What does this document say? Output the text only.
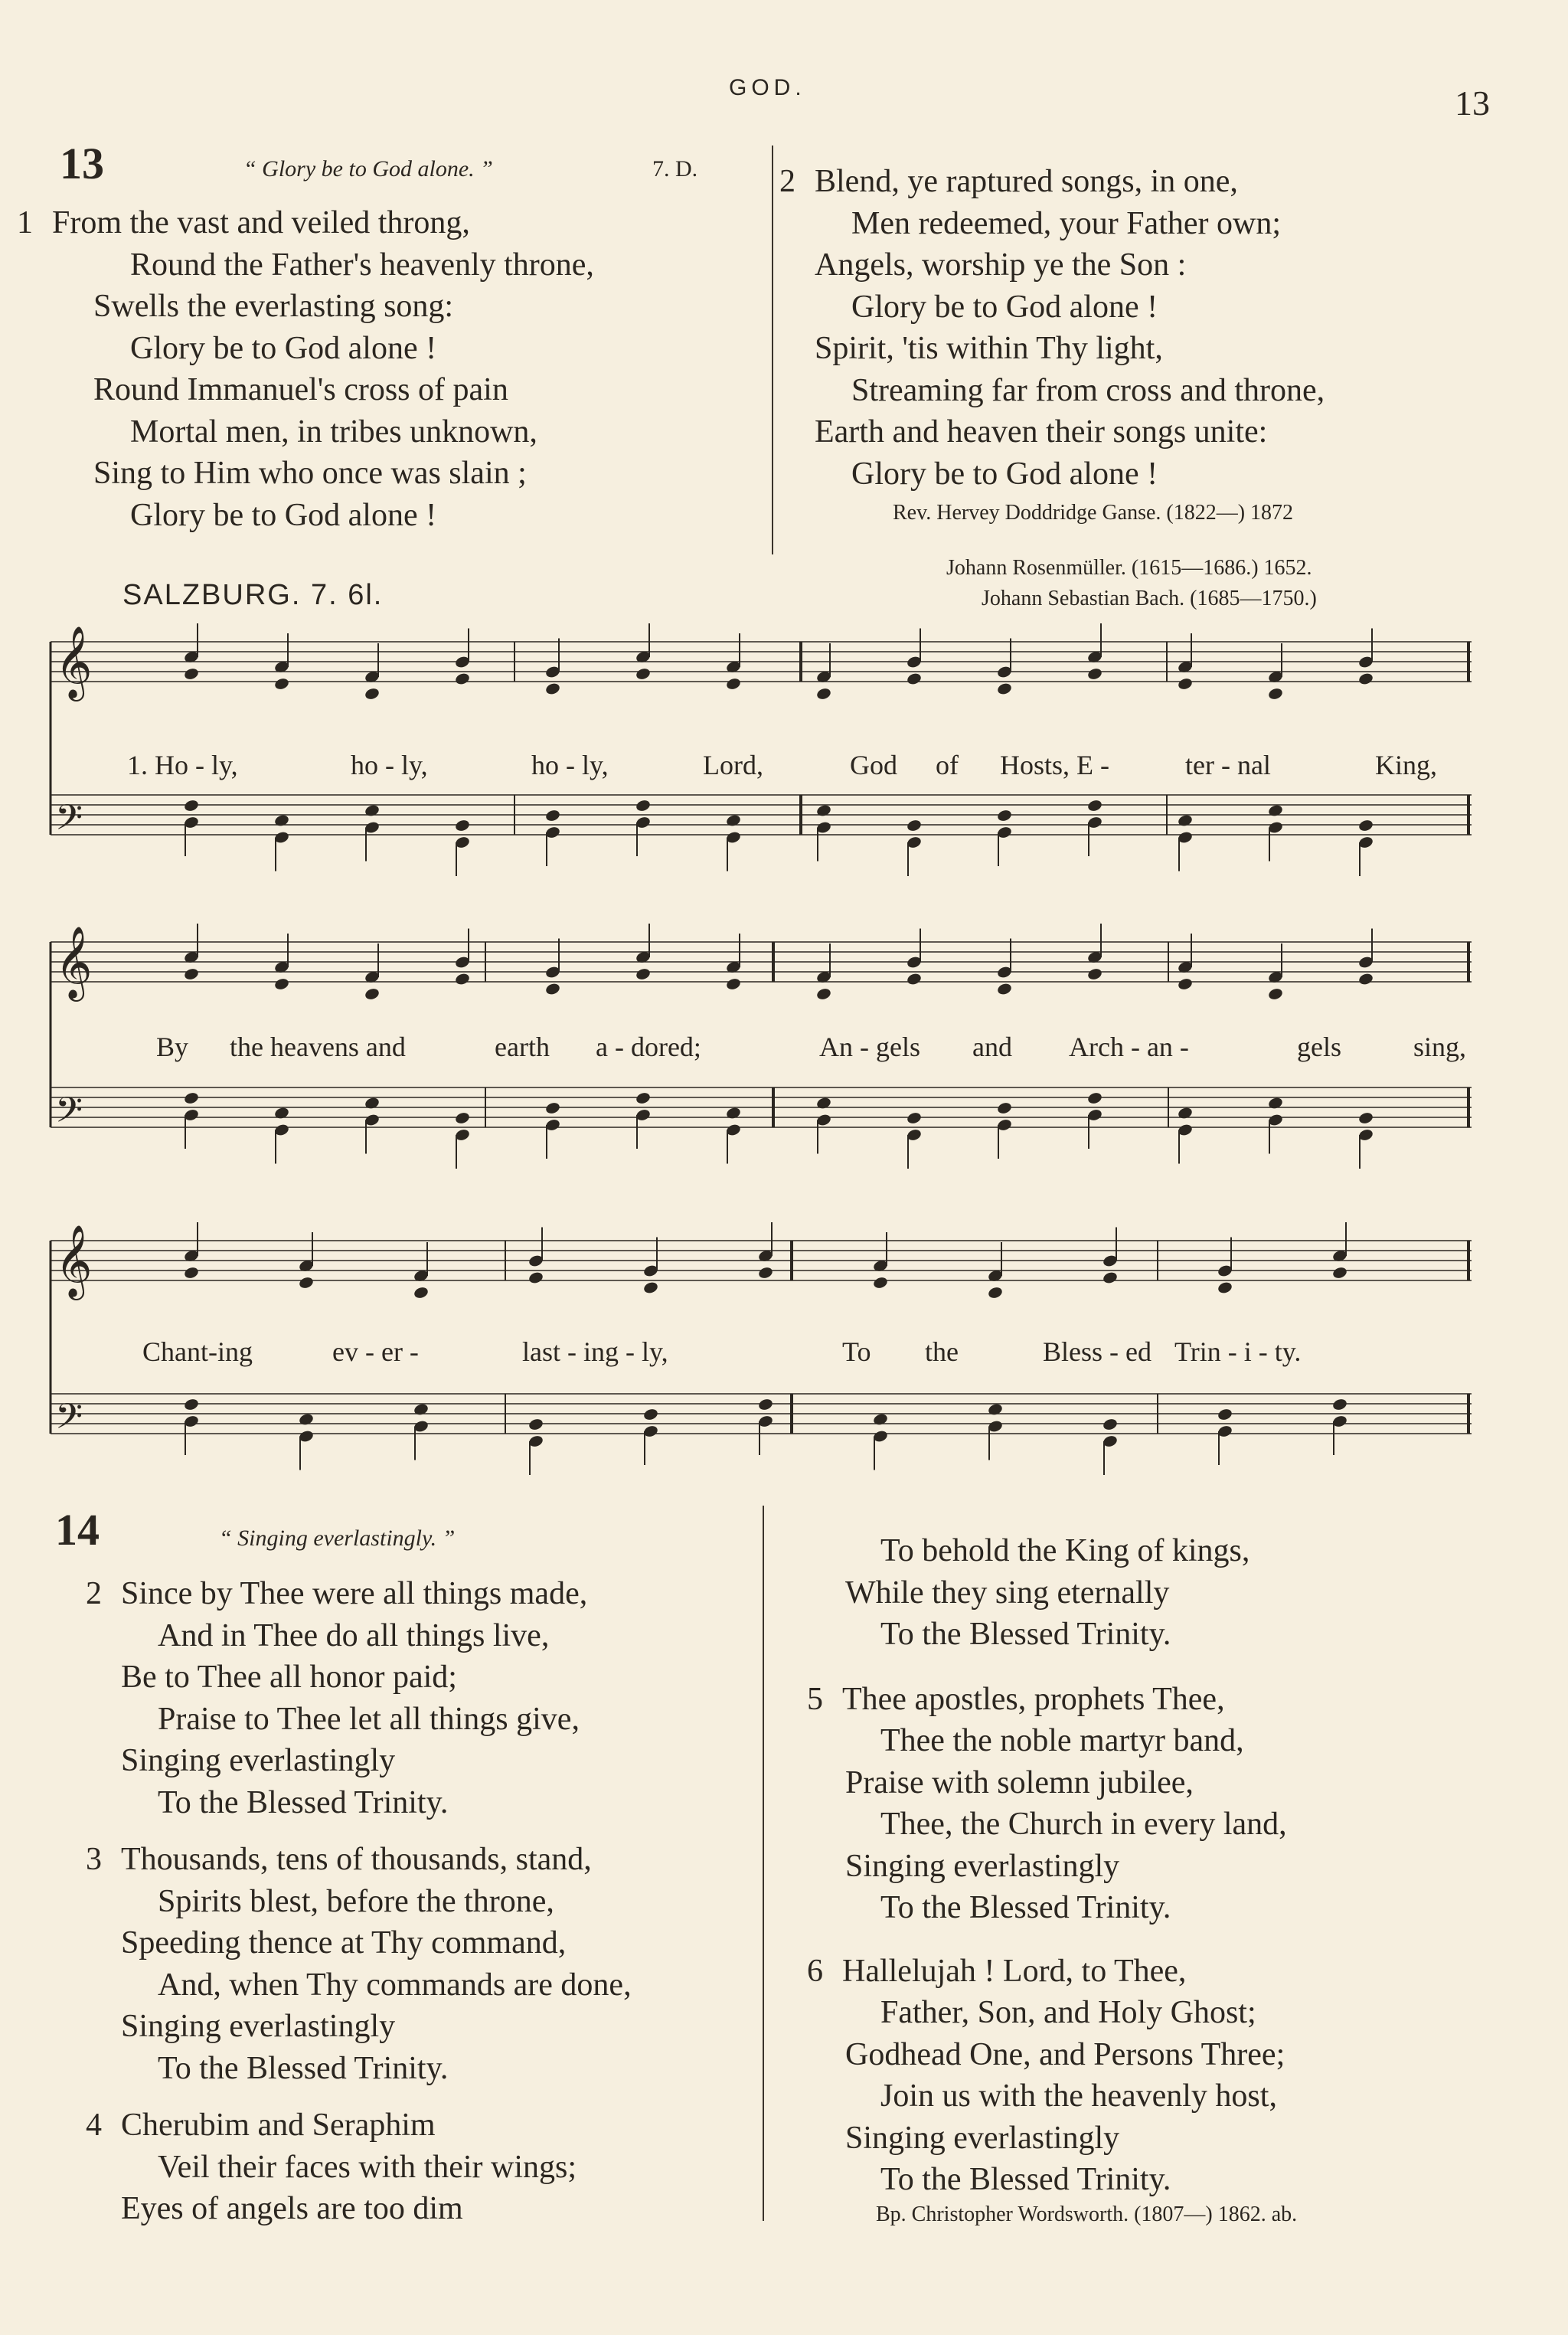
GOD.	13
13	“ Glory be to God alone. ”	7. D.
1 From the vast and veiled throng,
Round the Father's heavenly throne,
Swells the everlasting song:
Glory be to God alone !
Round Immanuel's cross of pain
Mortal men, in tribes unknown,
Sing to Him who once was slain ;
Glory be to God alone !
2 Blend, ye raptured songs, in one,
Men redeemed, your Father own;
Angels, worship ye the Son :
Glory be to God alone !
Spirit, 'tis within Thy light,
Streaming far from cross and throne,
Earth and heaven their songs unite:
Glory be to God alone !
Rev. Hervey Doddridge Ganse. (1822—) 1872
SALZBURG. 7. 6l.
Johann Rosenmüller. (1615—1686.) 1652.
Johann Sebastian Bach. (1685—1750.)
𝄞
𝄢
𝄞
𝄢
𝄞
𝄢
1. Ho - ly,	ho - ly,	ho - ly,	Lord,	God of Hosts, E -	ter - nal	King,
By the heavens and	earth a - dored;	An - gels and Arch - an -	gels	sing,
Chant-ing	ev - er -	last - ing - ly,	To the	Bless - ed Trin - i - ty.
14	“ Singing everlastingly. ”
2 Since by Thee were all things made,
And in Thee do all things live,
Be to Thee all honor paid;
Praise to Thee let all things give,
Singing everlastingly
To the Blessed Trinity.
3 Thousands, tens of thousands, stand,
Spirits blest, before the throne,
Speeding thence at Thy command,
And, when Thy commands are done,
Singing everlastingly
To the Blessed Trinity.
4 Cherubim and Seraphim
Veil their faces with their wings;
Eyes of angels are too dim
To behold the King of kings,
While they sing eternally
To the Blessed Trinity.
5 Thee apostles, prophets Thee,
Thee the noble martyr band,
Praise with solemn jubilee,
Thee, the Church in every land,
Singing everlastingly
To the Blessed Trinity.
6 Hallelujah ! Lord, to Thee,
Father, Son, and Holy Ghost;
Godhead One, and Persons Three;
Join us with the heavenly host,
Singing everlastingly
To the Blessed Trinity.
Bp. Christopher Wordsworth. (1807—) 1862. ab.
